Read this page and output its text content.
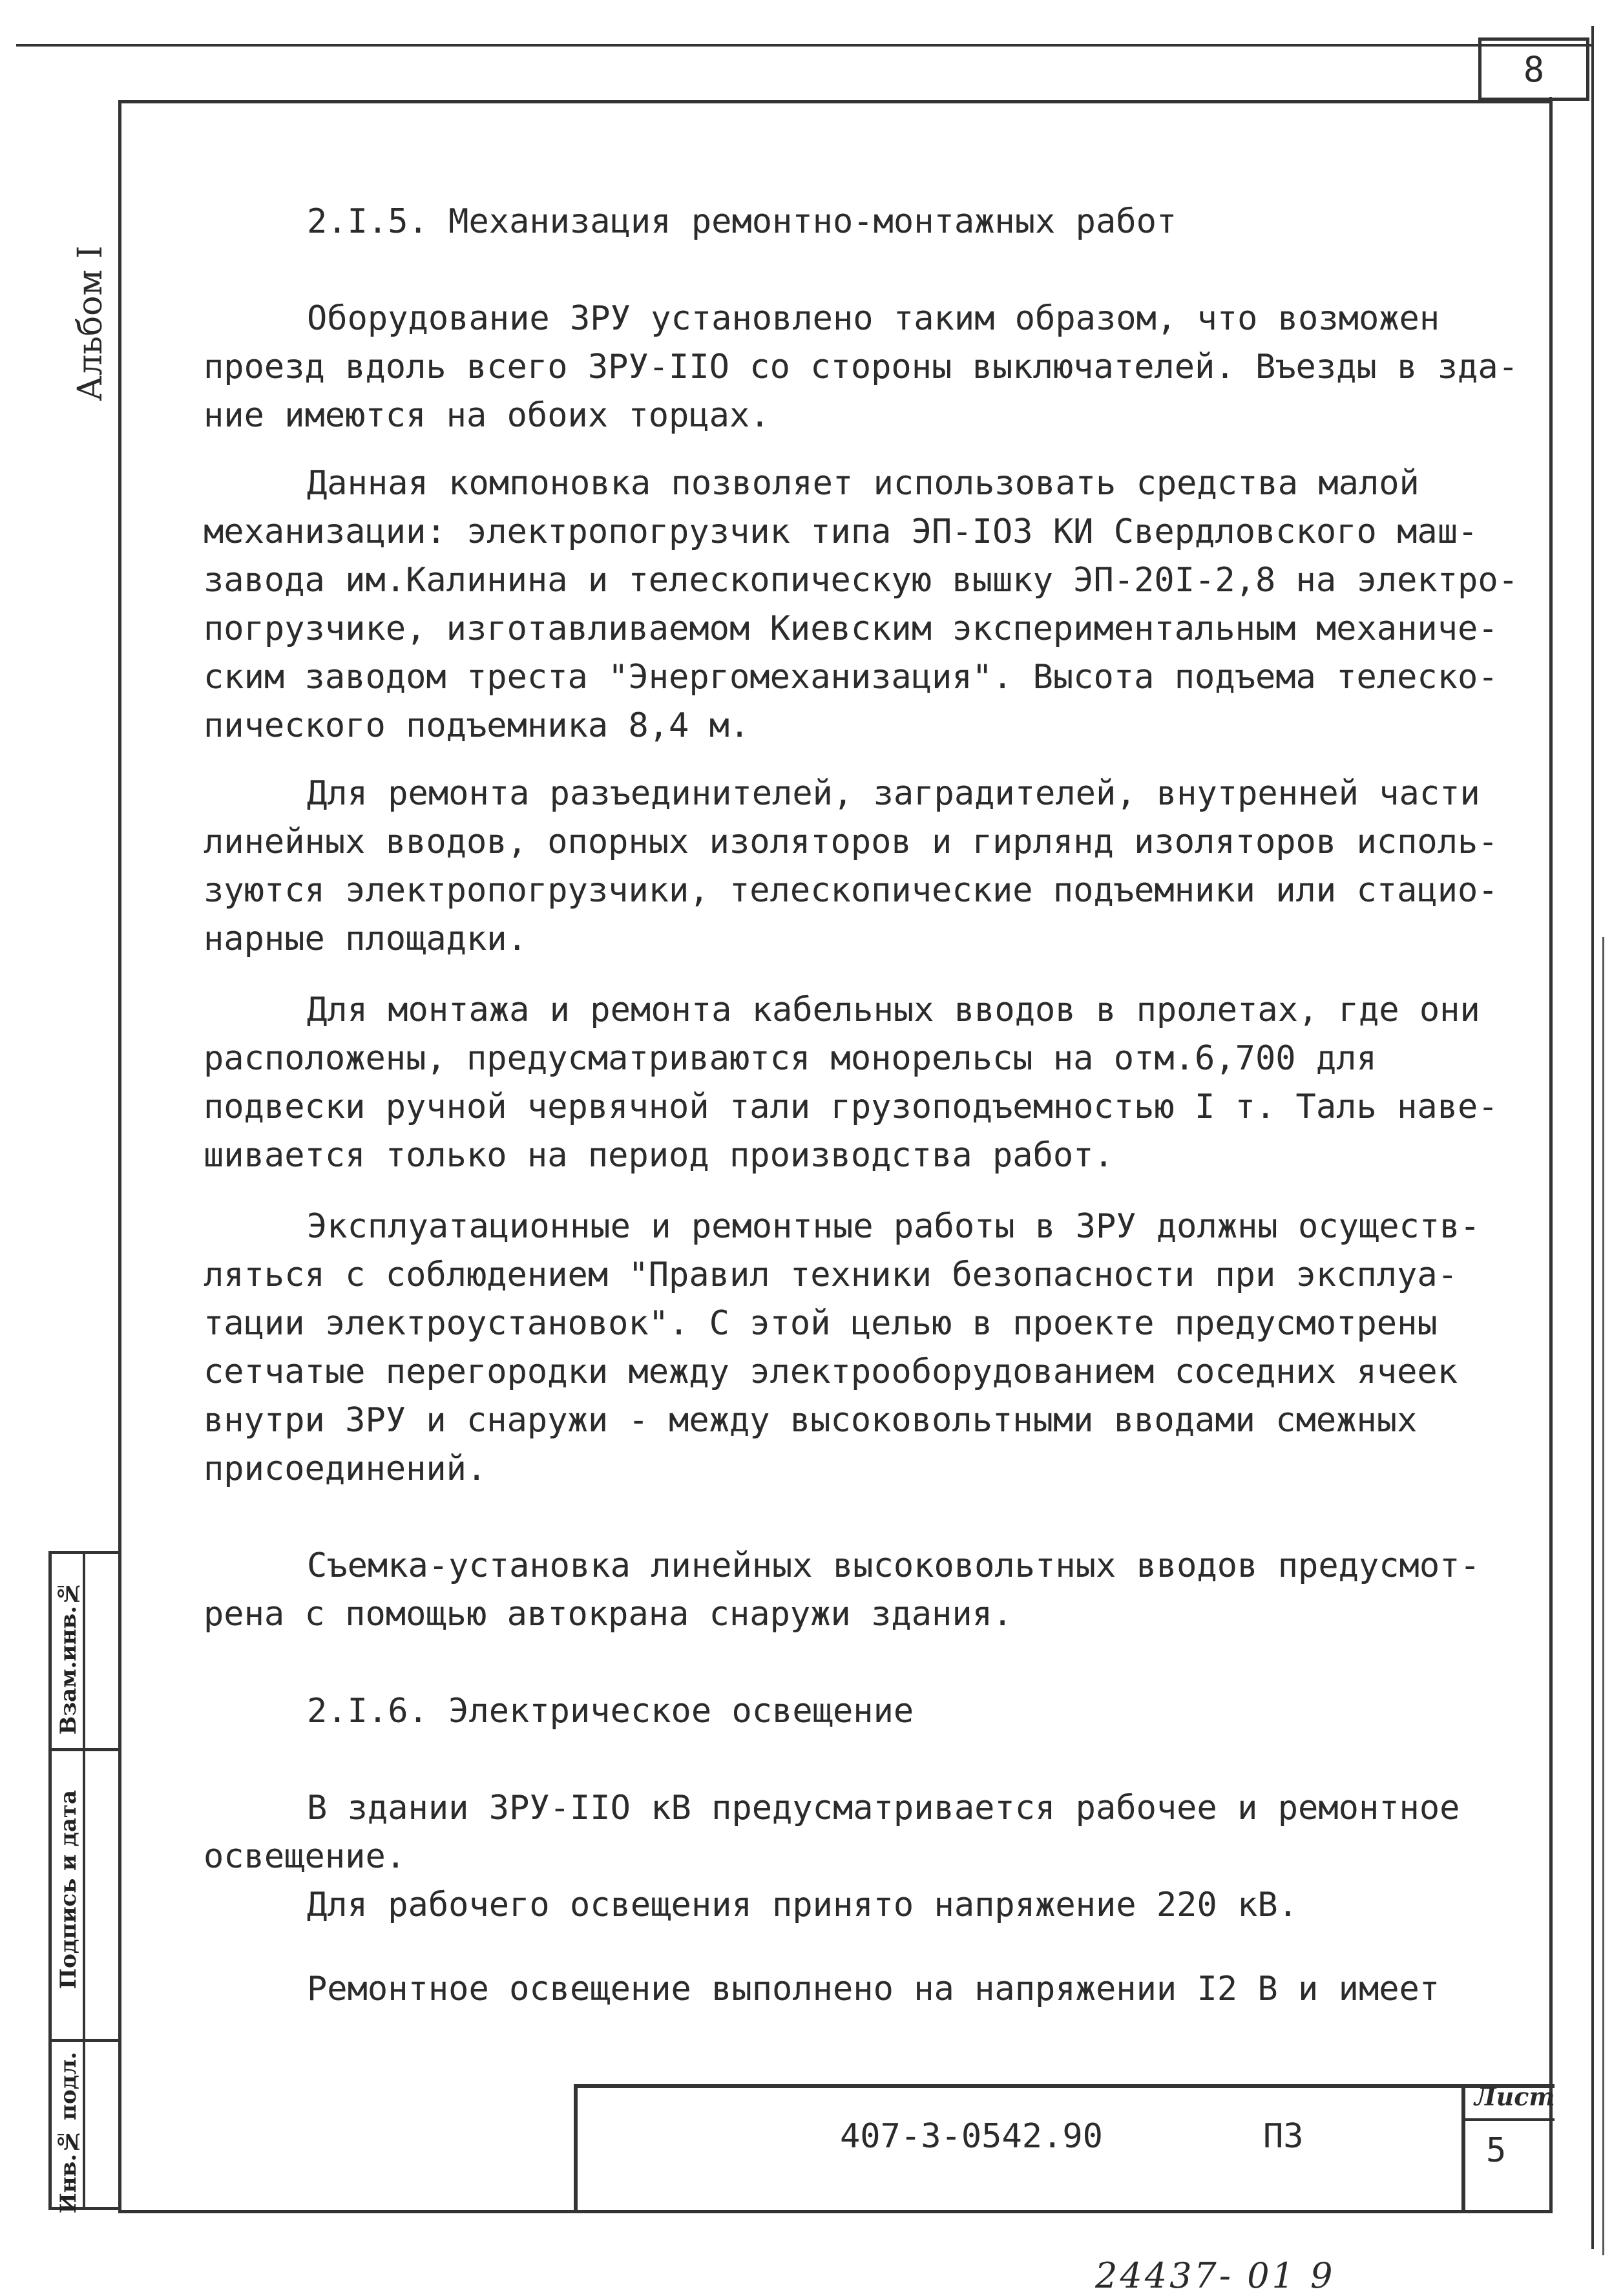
8
Альбом I
Взам.инв.№
Подпись и дата
Инв.№ подл.
2.I.5. Механизация ремонтно-монтажных работ
Оборудование ЗРУ установлено таким образом, что возможен
проезд вдоль всего ЗРУ-IIO со стороны выключателей. Въезды в зда-
ние имеются на обоих торцах.
Данная компоновка позволяет использовать средства малой
механизации: электропогрузчик типа ЭП-IO3 КИ Свердловского маш-
завода им.Калинина и телескопическую вышку ЭП-20I-2,8 на электро-
погрузчике, изготавливаемом Киевским экспериментальным механиче-
ским заводом треста "Энергомеханизация". Высота подъема телеско-
пического подъемника 8,4 м.
Для ремонта разъединителей, заградителей, внутренней части
линейных вводов, опорных изоляторов и гирлянд изоляторов исполь-
зуются электропогрузчики, телескопические подъемники или стацио-
нарные площадки.
Для монтажа и ремонта кабельных вводов в пролетах, где они
расположены, предусматриваются монорельсы на отм.6,700 для
подвески ручной червячной тали грузоподъемностью I т. Таль наве-
шивается только на период производства работ.
Эксплуатационные и ремонтные работы в ЗРУ должны осуществ-
ляться с соблюдением "Правил техники безопасности при эксплуа-
тации электроустановок". С этой целью в проекте предусмотрены
сетчатые перегородки между электрооборудованием соседних ячеек
внутри ЗРУ и снаружи - между высоковольтными вводами смежных
присоединений.
Съемка-установка линейных высоковольтных вводов предусмот-
рена с помощью автокрана снаружи здания.
2.I.6. Электрическое освещение
В здании ЗРУ-IIO кВ предусматривается рабочее и ремонтное
освещение.
Для рабочего освещения принято напряжение 220 кВ.
Ремонтное освещение выполнено на напряжении I2 В и имеет
407-3-0542.90	ПЗ
Лист
5
24437- 01 9
